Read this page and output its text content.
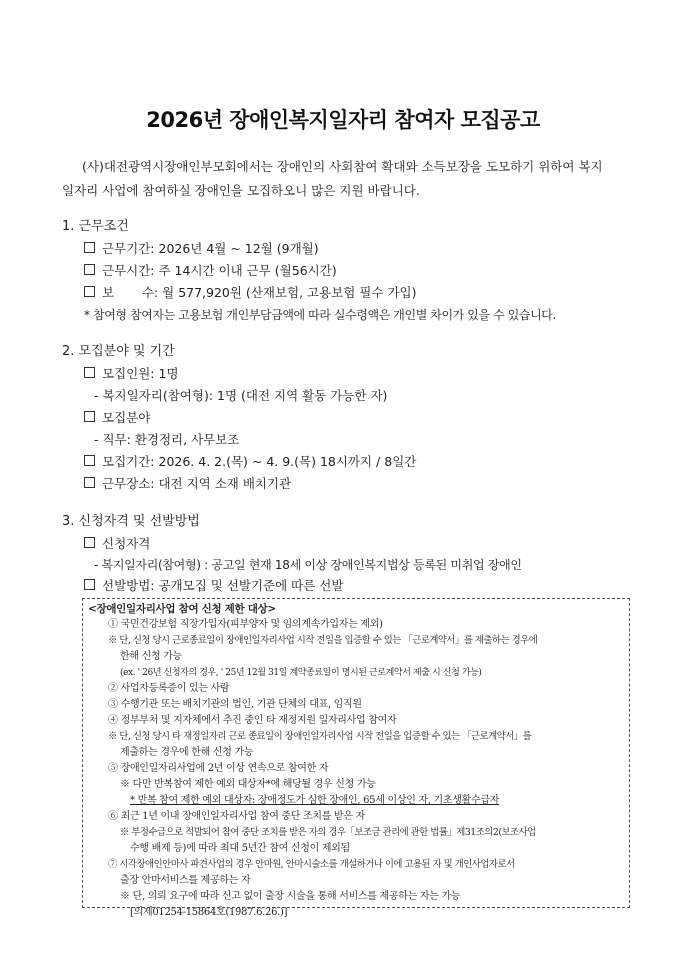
2026년 장애인복지일자리 참여자 모집공고
(사)대전광역시장애인부모회에서는 장애인의 사회참여 확대와 소득보장을 도모하기 위하여 복지
일자리 사업에 참여하실 장애인을 모집하오니 많은 지원 바랍니다.
1. 근무조건
근무기간: 2026년 4월 ~ 12월 (9개월)
근무시간: 주 14시간 이내 근무 (월56시간)
보       수: 월 577,920원 (산재보험, 고용보험 필수 가입)
* 참여형 참여자는 고용보험 개인부담금액에 따라 실수령액은 개인별 차이가 있을 수 있습니다.
2. 모집분야 및 기간
모집인원: 1명
- 복지일자리(참여형): 1명 (대전 지역 활동 가능한 자)
모집분야
- 직무: 환경정리, 사무보조
모집기간: 2026. 4. 2.(목) ~ 4. 9.(목) 18시까지 / 8일간
근무장소: 대전 지역 소재 배치기관
3. 신청자격 및 선발방법
신청자격
- 복지일자리(참여형) : 공고일 현재 18세 이상 장애인복지법상 등록된 미취업 장애인
선발방법: 공개모집 및 선발기준에 따른 선발
<장애인일자리사업 참여 신청 제한 대상>
① 국민건강보험 직장가입자(피부양자 및 임의계속가입자는 제외)
※ 단, 신청 당시 근로종료일이 장애인일자리사업 시작 전일을 입증할 수 있는 「근로계약서」를 제출하는 경우에
한해 신청 가능
(ex. ' 26년 신청자의 경우, ' 25년 12월 31일 계약종료일이 명시된 근로계약서 제출 시 신청 가능)
② 사업자등록증이 있는 사람
③ 수행기관 또는 배치기관의 법인, 기관 단체의 대표, 임직원
④ 정부부처 및 지자체에서 추진 중인 타 재정지원 일자리사업 참여자
※ 단, 신청 당시 타 재정일자리 근로 종료일이 장애인일자리사업 시작 전일을 입증할 수 있는 「근로계약서」를
제출하는 경우에 한해 신청 가능
⑤ 장애인일자리사업에 2년 이상 연속으로 참여한 자
※ 다만 반복참여 제한 예외 대상자*에 해당될 경우 신청 가능
* 반복 참여 제한 예외 대상자: 장애정도가 심한 장애인, 65세 이상인 자, 기초생활수급자
⑥ 최근 1년 이내 장애인일자리사업 참여 중단 조치를 받은 자
※ 부정수급으로 적발되어 참여 중단 조치를 받은 자의 경우「보조금 관리에 관한 법률」제31조의2(보조사업
수행 배제 등)에 따라 최대 5년간 참여 신청이 제외됨
⑦ 시각장애인안마사 파견사업의 경우 안마원, 안마시술소를 개설하거나 이에 고용된 자 및 개인사업자로서
출장 안마서비스를 제공하는 자
※ 단, 의뢰 요구에 따라 신고 없이 출장 시술을 통해 서비스를 제공하는 자는 가능
[의제01254-15864호(1987.6.26.)]
